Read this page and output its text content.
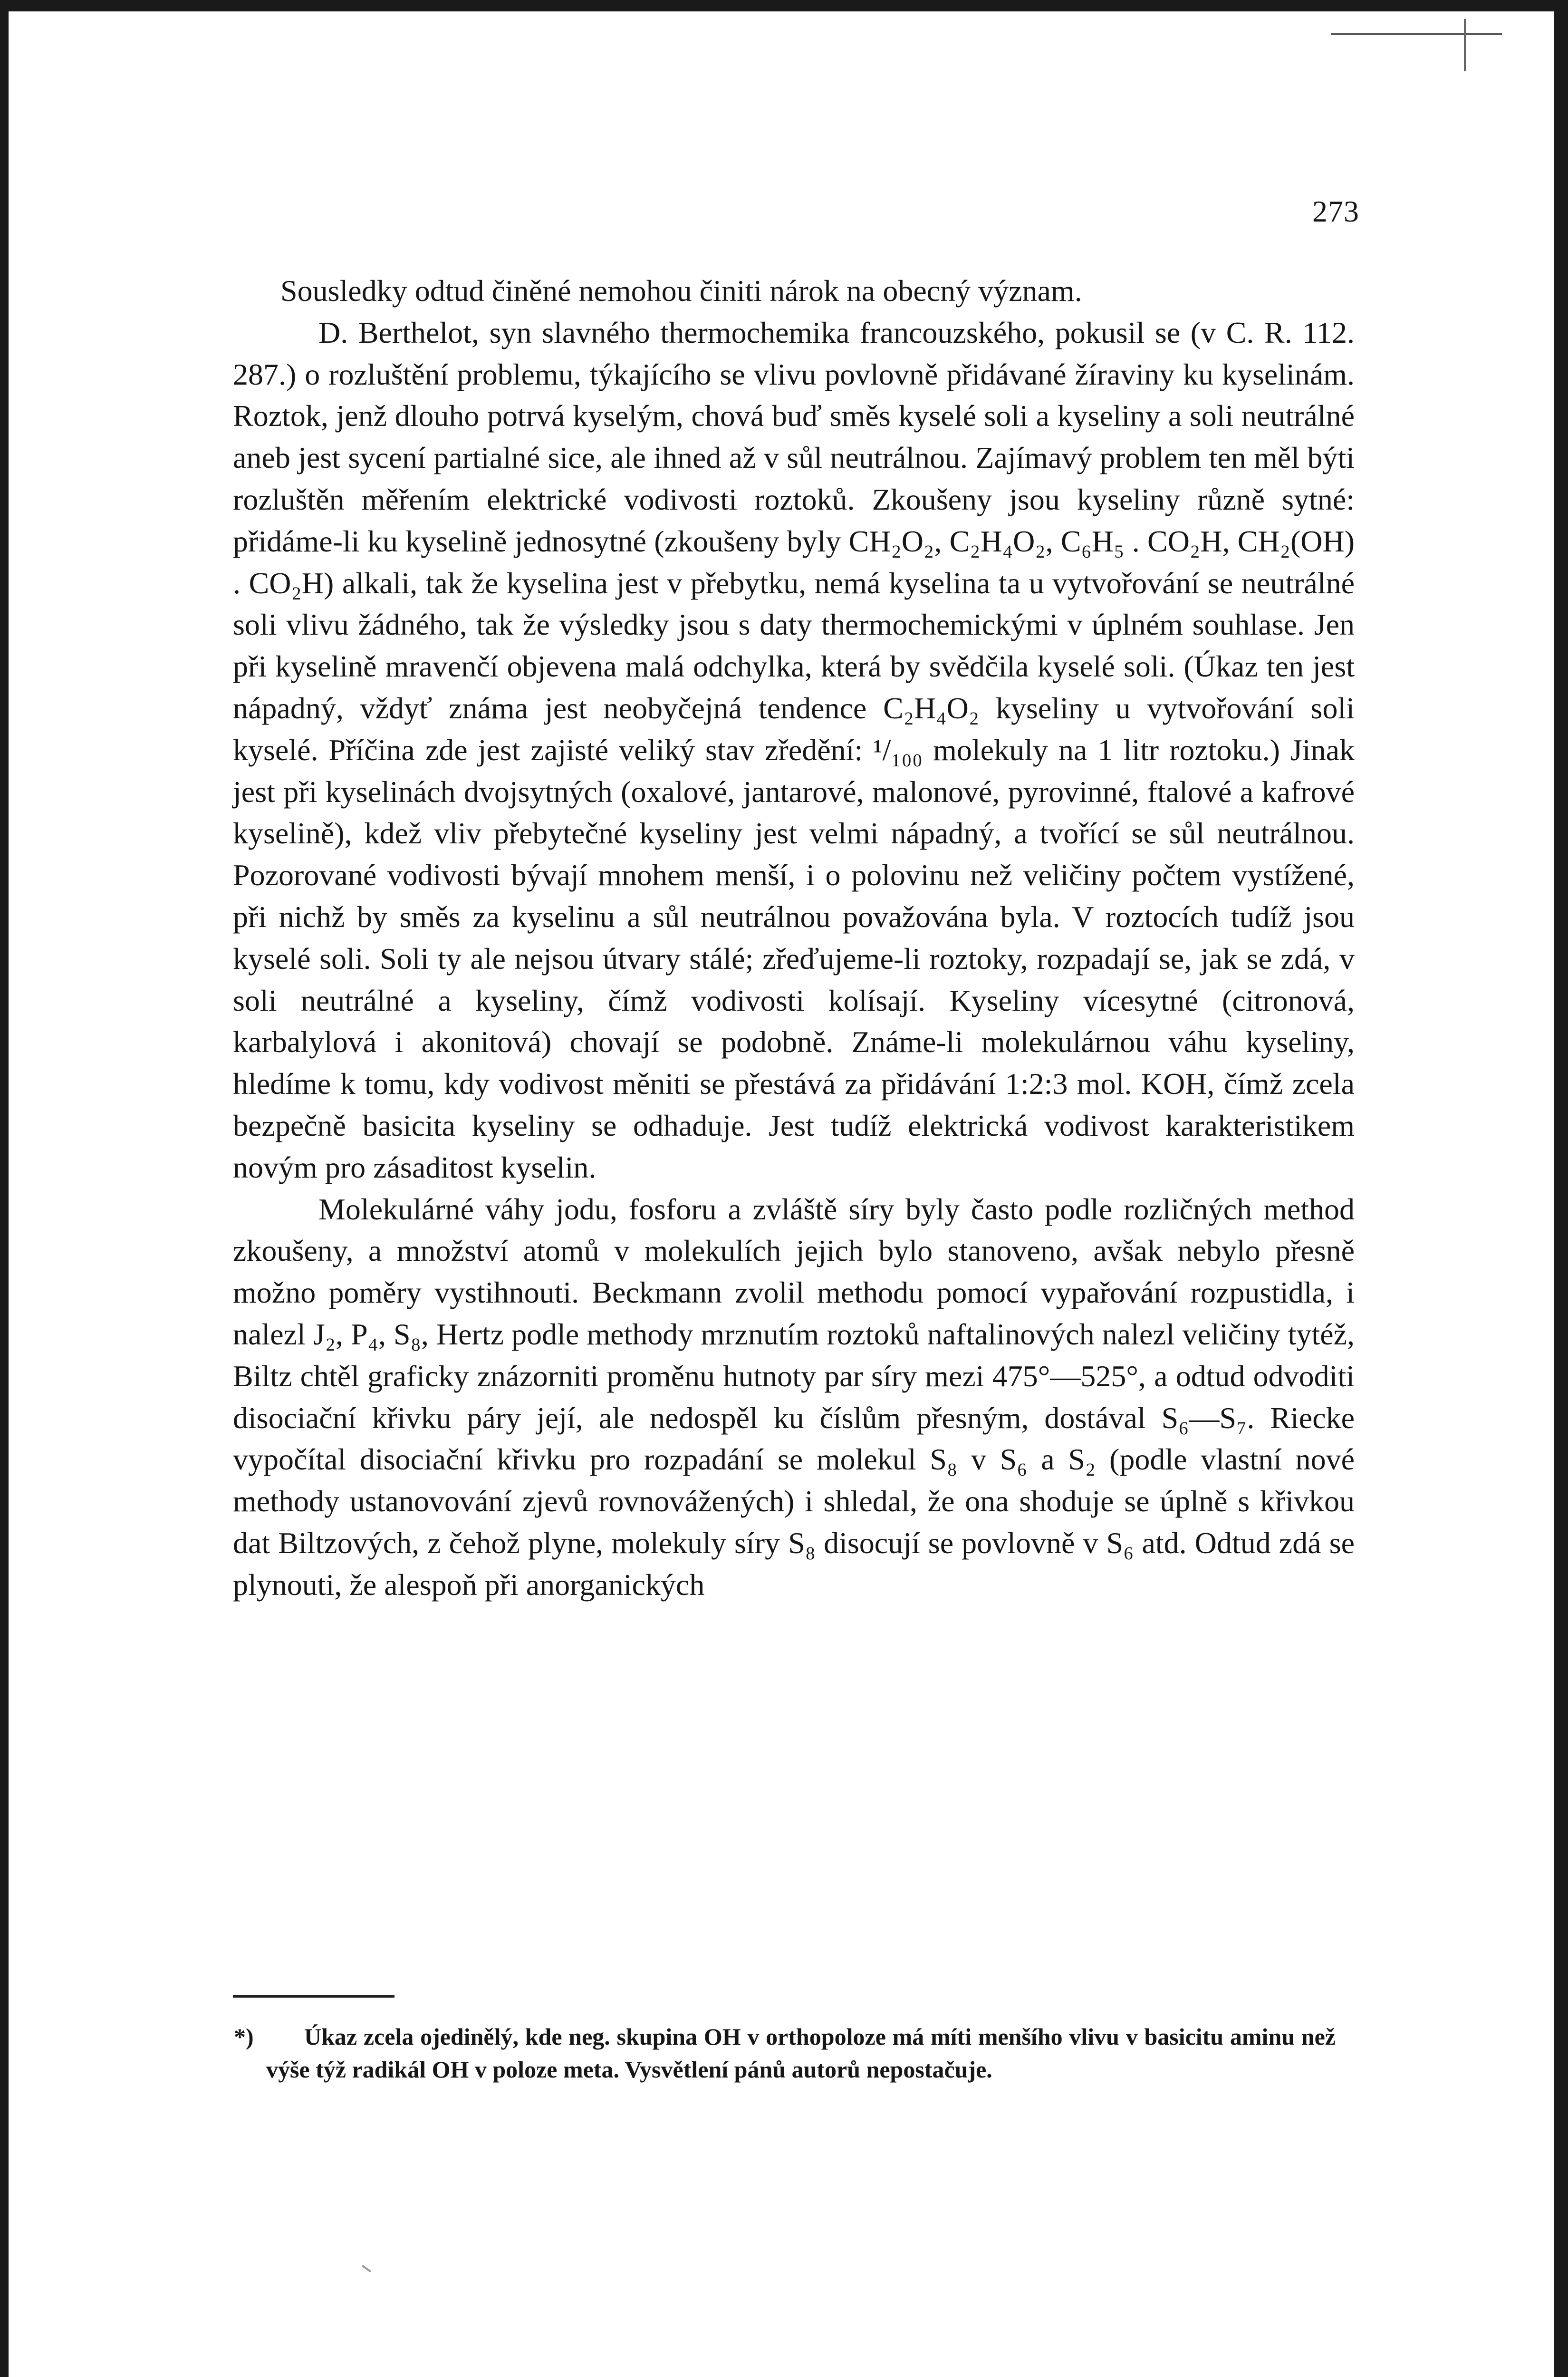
273

Sousledky odtud činěné nemohou činiti nárok na obecný význam.

D. Berthelot, syn slavného thermochemika francouzského, pokusil se (v C. R. 112. 287.) o rozluštění problemu, týkajícího se vlivu povlovně přidávané žíraviny ku kyselinám. Roztok, jenž dlouho potrvá kyselým, chová buď směs kyselé soli a kyseliny a soli neutrálné aneb jest sycení partialné sice, ale ihned až v sůl neutrálnou. Zajímavý problem ten měl býti rozluštěn měřením elektrické vodivosti roztoků. Zkoušeny jsou kyseliny různě sytné: přidáme-li ku kyselině jednosytné (zkoušeny byly CH₂O₂, C₂H₄O₂, C₆H₅ . CO₂H, CH₂(OH) . CO₂H) alkali, tak že kyselina jest v přebytku, nemá kyselina ta u vytvořování se neutrálné soli vlivu žádného, tak že výsledky jsou s daty thermochemickými v úplném souhlase. Jen při kyselině mravenčí objevena malá odchylka, která by svědčila kyselé soli. (Úkaz ten jest nápadný, vždyť známa jest neobyčejná tendence C₂H₄O₂ kyseliny u vytvořování soli kyselé. Příčina zde jest zajisté veliký stav zředění: ¹/₁₀₀ molekuly na 1 litr roztoku.) Jinak jest při kyselinách dvojsytných (oxalové, jantarové, malonové, pyrovinné, ftalové a kafrové kyselině), kdež vliv přebytečné kyseliny jest velmi nápadný, a tvořící se sůl neutrálnou. Pozorované vodivosti bývají mnohem menší, i o polovinu než veličiny počtem vystížené, při nichž by směs za kyselinu a sůl neutrálnou považována byla. V roztocích tudíž jsou kyselé soli. Soli ty ale nejsou útvary stálé; zřeďujeme-li roztoky, rozpadají se, jak se zdá, v soli neutrálné a kyseliny, čímž vodivosti kolísají. Kyseliny vícesytné (citronová, karbalylová i akonitová) chovají se podobně. Známe-li molekulárnou váhu kyseliny, hledíme k tomu, kdy vodivost měniti se přestává za přidávání 1:2:3 mol. KOH, čímž zcela bezpečně basicita kyseliny se odhaduje. Jest tudíž elektrická vodivost karakteristikem novým pro zásaditost kyselin.

Molekulárné váhy jodu, fosforu a zvláště síry byly často podle rozličných method zkoušeny, a množství atomů v molekulích jejich bylo stanoveno, avšak nebylo přesně možno poměry vystihnouti. Beckmann zvolil methodu pomocí vypařování rozpustidla, i nalezl J₂, P₄, S₈, Hertz podle methody mrznutím roztoků naftalinových nalezl veličiny tytéž, Biltz chtěl graficky znázorniti proměnu hutnoty par síry mezi 475°—525°, a odtud odvoditi disociační křivku páry její, ale nedospěl ku číslům přesným, dostával S₆—S₇. Riecke vypočítal disociační křivku pro rozpadání se molekul S₈ v S₆ a S₂ (podle vlastní nové methody ustanovování zjevů rovnovážených) i shledal, že ona shoduje se úplně s křivkou dat Biltzových, z čehož plyne, molekuly síry S₈ disocují se povlovně v S₆ atd. Odtud zdá se plynouti, že alespoň při anorganických

*)	Úkaz zcela ojedinělý, kde neg. skupina OH v orthopoloze má míti menšího vlivu v basicitu aminu než výše týž radikál OH v poloze meta. Vysvětlení pánů autorů nepostačuje.
